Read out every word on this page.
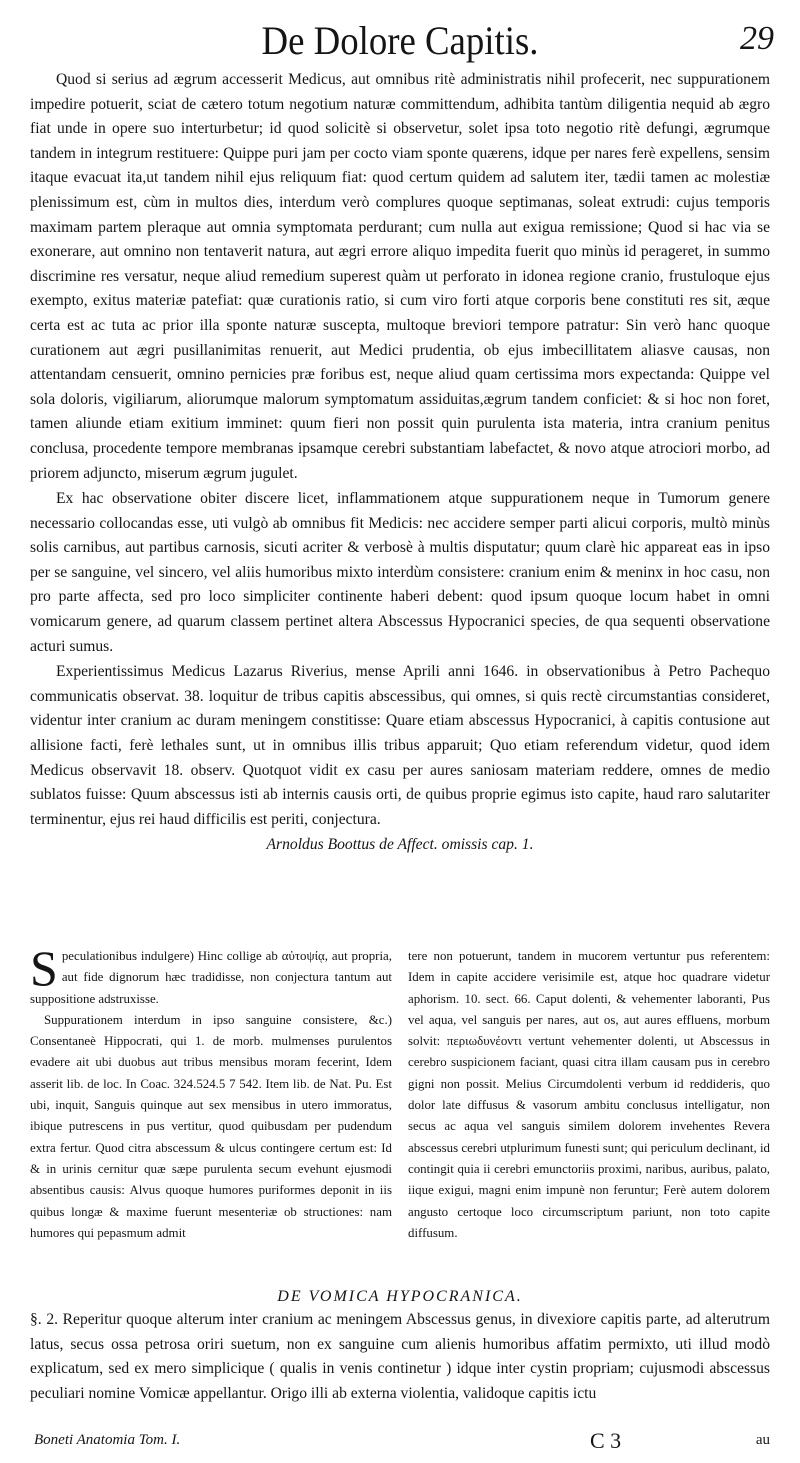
De Dolore Capitis.	29

Quod si serius ad ægrum accesserit Medicus, aut omnibus ritè administratis nihil profecerit, nec suppurationem impedire potuerit, sciat de cætero totum negotium naturæ committendum, adhibita tantùm diligentia nequid ab ægro fiat unde in opere suo interturbetur; id quod solicitè si observetur, solet ipsa toto negotio ritè defungi, ægrumque tandem in integrum restituere: Quippe puri jam per cocto viam sponte quærens, idque per nares ferè expellens, sensim itaque evacuat ita,ut tandem nihil ejus reliquum fiat: quod certum quidem ad salutem iter, tædii tamen ac molestiæ plenissimum est, cùm in multos dies, interdum verò complures quoque septimanas, soleat extrudi: cujus temporis maximam partem pleraque aut omnia symptomata perdurant; cum nulla aut exigua remissione; Quod si hac via se exonerare, aut omnino non tentaverit natura, aut ægri errore aliquo impedita fuerit quo minùs id perageret, in summo discrimine res versatur, neque aliud remedium superest quàm ut perforato in idonea regione cranio, frustuloque ejus exempto, exitus materiæ patefiat: quæ curationis ratio, si cum viro forti atque corporis bene constituti res sit, æque certa est ac tuta ac prior illa sponte naturæ suscepta, multoque breviori tempore patratur: Sin verò hanc quoque curationem aut ægri pusillanimitas renuerit, aut Medici prudentia, ob ejus imbecillitatem aliasve causas, non attentandam censuerit, omnino pernicies præ foribus est, neque aliud quam certissima mors expectanda: Quippe vel sola doloris, vigiliarum, aliorumque malorum symptomatum assiduitas,ægrum tandem conficiet: & si hoc non foret, tamen aliunde etiam exitium imminet: quum fieri non possit quin purulenta ista materia, intra cranium penitus conclusa, procedente tempore membranas ipsamque cerebri substantiam labefactet, & novo atque atrociori morbo, ad priorem adjuncto, miserum ægrum jugulet.

Ex hac observatione obiter discere licet, inflammationem atque suppurationem neque in Tumorum genere necessario collocandas esse, uti vulgò ab omnibus fit Medicis: nec accidere semper parti alicui corporis, multò minùs solis carnibus, aut partibus carnosis, sicuti acriter & verbosè à multis disputatur; quum clarè hic appareat eas in ipso per se sanguine, vel sincero, vel aliis humoribus mixto interdùm consistere: cranium enim & meninx in hoc casu, non pro parte affecta, sed pro loco simpliciter continente haberi debent: quod ipsum quoque locum habet in omni vomicarum genere, ad quarum classem pertinet altera Abscessus Hypocranici species, de qua sequenti observatione acturi sumus.

Experientissimus Medicus Lazarus Riverius, mense Aprili anni 1646. in observationibus à Petro Pachequo communicatis observat. 38. loquitur de tribus capitis abscessibus, qui omnes, si quis rectè circumstantias consideret, videntur inter cranium ac duram meningem constitisse: Quare etiam abscessus Hypocranici, à capitis contusione aut allisione facti, ferè lethales sunt, ut in omnibus illis tribus apparuit; Quo etiam referendum videtur, quod idem Medicus observavit 18. observ. Quotquot vidit ex casu per aures saniosam materiam reddere, omnes de medio sublatos fuisse: Quum abscessus isti ab internis causis orti, de quibus proprie egimus isto capite, haud raro salutariter terminentur, ejus rei haud difficilis est periti, conjectura.

Arnoldus Boottus de Affect. omissis cap. 1.

Speculationibus indulgere) Hinc collige ab αὐτοψίᾳ, aut propria, aut fide dignorum hæc tradidisse, non conjectura tantum aut suppositione adstruxisse.

Suppurationem interdum in ipso sanguine consistere, &c.) Consentaneè Hippocrati, qui 1. de morb. mulmenses purulentos evadere ait ubi duobus aut tribus mensibus moram fecerint, Idem asserit lib. de loc. In Coac. 324.524.5 7 542. Item lib. de Nat. Pu. Est ubi, inquit, Sanguis quinque aut sex mensibus in utero immoratus, ibique putrescens in pus vertitur, quod quibusdam per pudendum extra fertur. Quod citra abscessum & ulcus contingere certum est: Id & in urinis cernitur quæ sæpe purulenta secum evehunt ejusmodi absentibus causis: Alvus quoque humores puriformes deponit in iis quibus longæ & maxime fuerunt mesenteriæ ob structiones: nam humores qui pepasmum admit

tere non potuerunt, tandem in mucorem vertuntur pus referentem: Idem in capite accidere verisimile est, atque hoc quadrare videtur aphorism. 10. sect. 66. Caput dolenti, & vehementer laboranti, Pus vel aqua, vel sanguis per nares, aut os, aut aures effluens, morbum solvit: περιωδυνέοντι vertunt vehementer dolenti, ut Abscessus in cerebro suspicionem faciant, quasi citra illam causam pus in cerebro gigni non possit. Melius Circumdolenti verbum id reddideris, quo dolor late diffusus & vasorum ambitu conclusus intelligatur, non secus ac aqua vel sanguis similem dolorem invehentes Revera abscessus cerebri utplurimum funesti sunt; qui periculum declinant, id contingit quia ii cerebri emunctoriis proximi, naribus, auribus, palato, iique exigui, magni enim impunè non feruntur; Ferè autem dolorem angusto certoque loco circumscriptum pariunt, non toto capite diffusum.

DE VOMICA HYPOCRANICA.

§. 2. Reperitur quoque alterum inter cranium ac meningem Abscessus genus, in divexiore capitis parte, ad alterutrum latus, secus ossa petrosa oriri suetum, non ex sanguine cum alienis humoribus affatim permixto, uti illud modò explicatum, sed ex mero simplicique ( qualis in venis continetur ) idque inter cystin propriam; cujusmodi abscessus peculiari nomine Vomicæ appellantur. Origo illi ab externa violentia, validoque capitis ictu

Boneti Anatomia Tom. I.	C 3	au
